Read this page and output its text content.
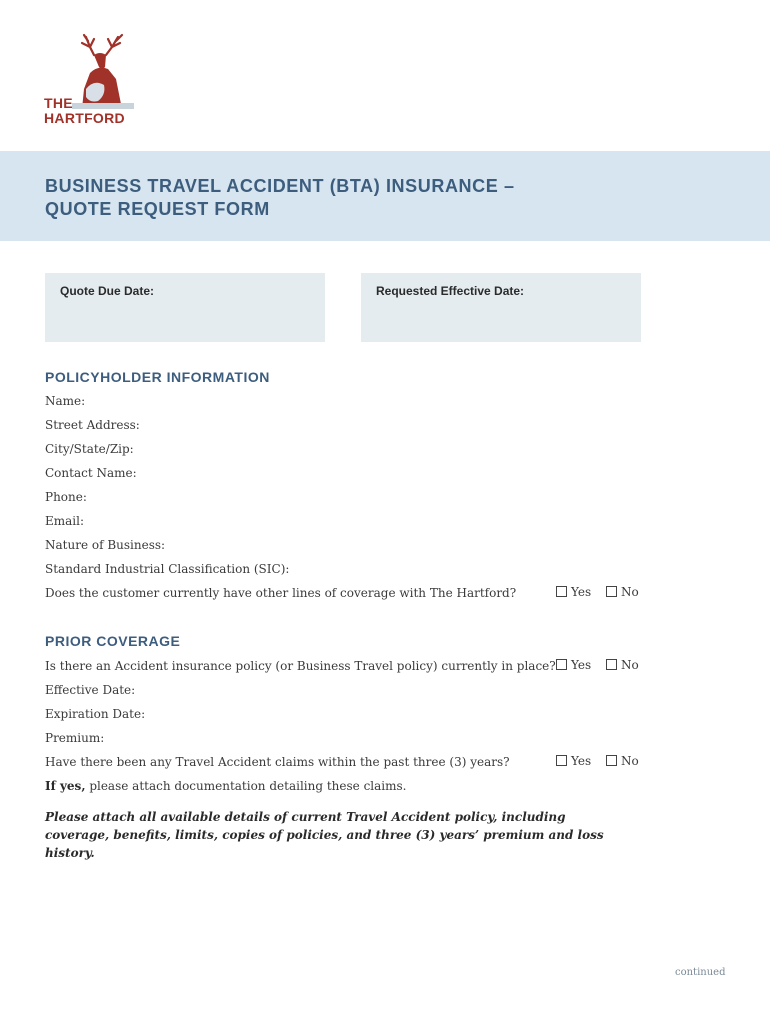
THE
HARTFORD
BUSINESS TRAVEL ACCIDENT (BTA) INSURANCE –
QUOTE REQUEST FORM
Quote Due Date:	Requested Effective Date:
POLICYHOLDER INFORMATION
Name:
Street Address:
City/State/Zip:
Contact Name:
Phone:
Email:
Nature of Business:
Standard Industrial Classification (SIC):
Does the customer currently have other lines of coverage with The Hartford?	Yes	No
PRIOR COVERAGE
Is there an Accident insurance policy (or Business Travel policy) currently in place?	Yes	No
Effective Date:
Expiration Date:
Premium:
Have there been any Travel Accident claims within the past three (3) years?	Yes	No
If yes, please attach documentation detailing these claims.
Please attach all available details of current Travel Accident policy, including coverage, benefits, limits, copies of policies, and three (3) years’ premium and loss history.
continued
